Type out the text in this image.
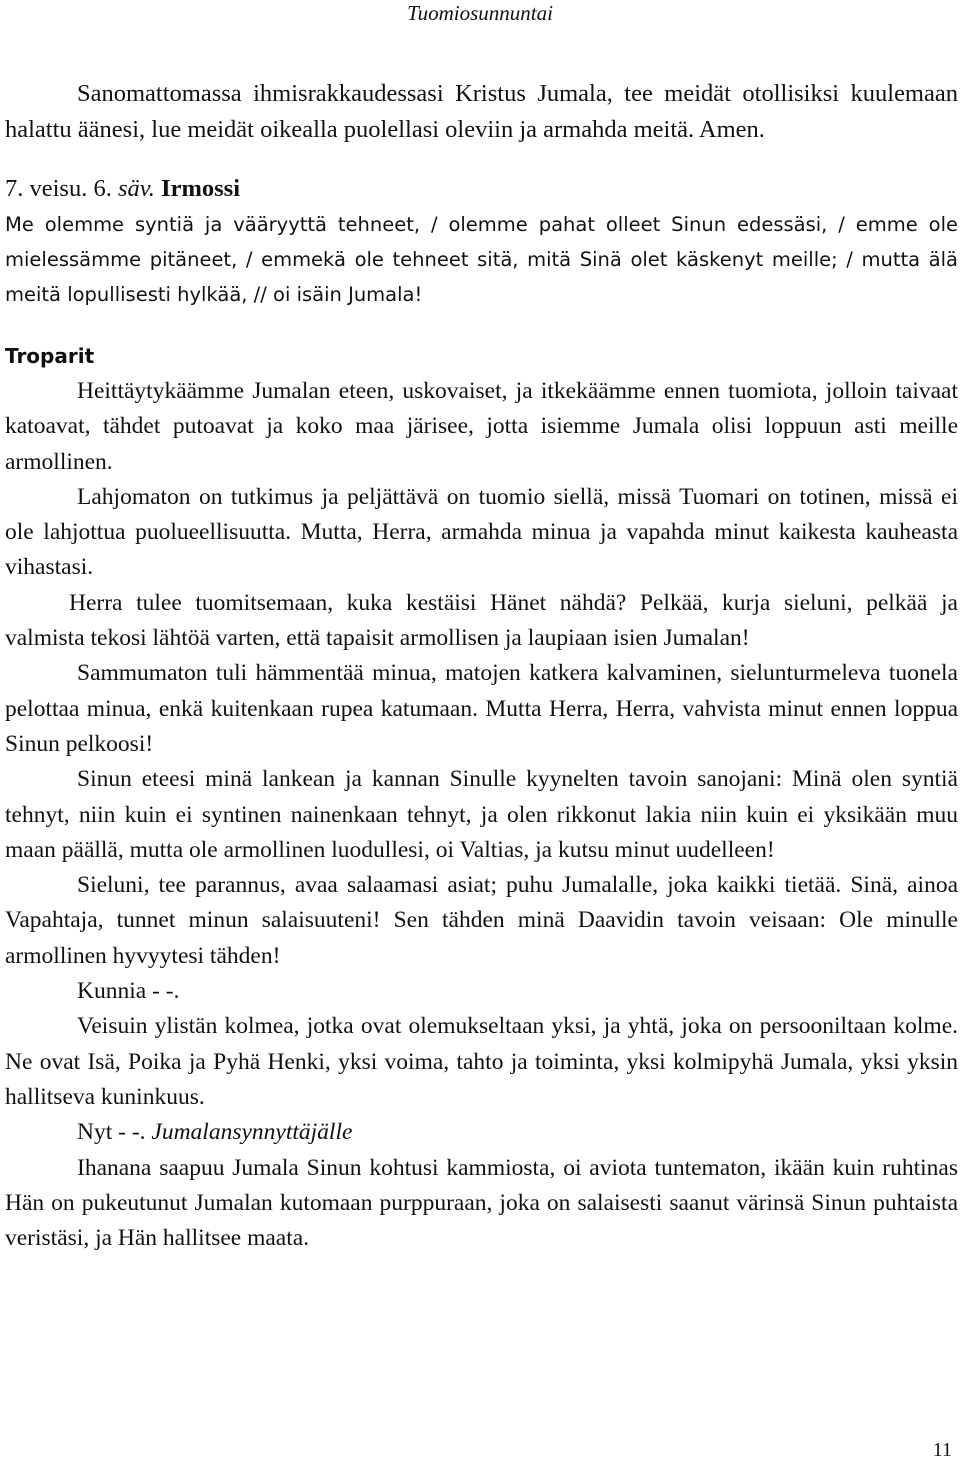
Tuomiosunnuntai

Sanomattomassa ihmisrakkaudessasi Kristus Jumala, tee meidät otollisiksi kuulemaan halattu äänesi, lue meidät oikealla puolellasi oleviin ja armahda meitä. Amen.

7. veisu. 6. säv. Irmossi

Me olemme syntiä ja vääryyttä tehneet, / olemme pahat olleet Sinun edessäsi, / emme ole mielessämme pitäneet, / emmekä ole tehneet sitä, mitä Sinä olet käskenyt meille; / mutta älä meitä lopullisesti hylkää, // oi isäin Jumala!

Troparit

Heittäytykäämme Jumalan eteen, uskovaiset, ja itkekäämme ennen tuomiota, jolloin taivaat katoavat, tähdet putoavat ja koko maa järisee, jotta isiemme Jumala olisi loppuun asti meille armollinen.

Lahjomaton on tutkimus ja peljättävä on tuomio siellä, missä Tuomari on totinen, missä ei ole lahjottua puolueellisuutta. Mutta, Herra, armahda minua ja vapahda minut kaikesta kauheasta vihastasi.

Herra tulee tuomitsemaan, kuka kestäisi Hänet nähdä? Pelkää, kurja sieluni, pelkää ja valmista tekosi lähtöä varten, että tapaisit armollisen ja laupiaan isien Jumalan!

Sammumaton tuli hämmentää minua, matojen katkera kalvaminen, sielunturmeleva tuonela pelottaa minua, enkä kuitenkaan rupea katumaan. Mutta Herra, Herra, vahvista minut ennen loppua Sinun pelkoosi!

Sinun eteesi minä lankean ja kannan Sinulle kyynelten tavoin sanojani: Minä olen syntiä tehnyt, niin kuin ei syntinen nainenkaan tehnyt, ja olen rikkonut lakia niin kuin ei yksikään muu maan päällä, mutta ole armollinen luodullesi, oi Valtias, ja kutsu minut uudelleen!

Sieluni, tee parannus, avaa salaamasi asiat; puhu Jumalalle, joka kaikki tietää. Sinä, ainoa Vapahtaja, tunnet minun salaisuuteni! Sen tähden minä Daavidin tavoin veisaan: Ole minulle armollinen hyvyytesi tähden!

Kunnia - -.

Veisuin ylistän kolmea, jotka ovat olemukseltaan yksi, ja yhtä, joka on persooniltaan kolme. Ne ovat Isä, Poika ja Pyhä Henki, yksi voima, tahto ja toiminta, yksi kolmipyhä Jumala, yksi yksin hallitseva kuninkuus.

Nyt - -. Jumalansynnyttäjälle

Ihanana saapuu Jumala Sinun kohtusi kammiosta, oi aviota tuntematon, ikään kuin ruhtinas Hän on pukeutunut Jumalan kutomaan purppuraan, joka on salaisesti saanut värinsä Sinun puhtaista veristäsi, ja Hän hallitsee maata.

11
